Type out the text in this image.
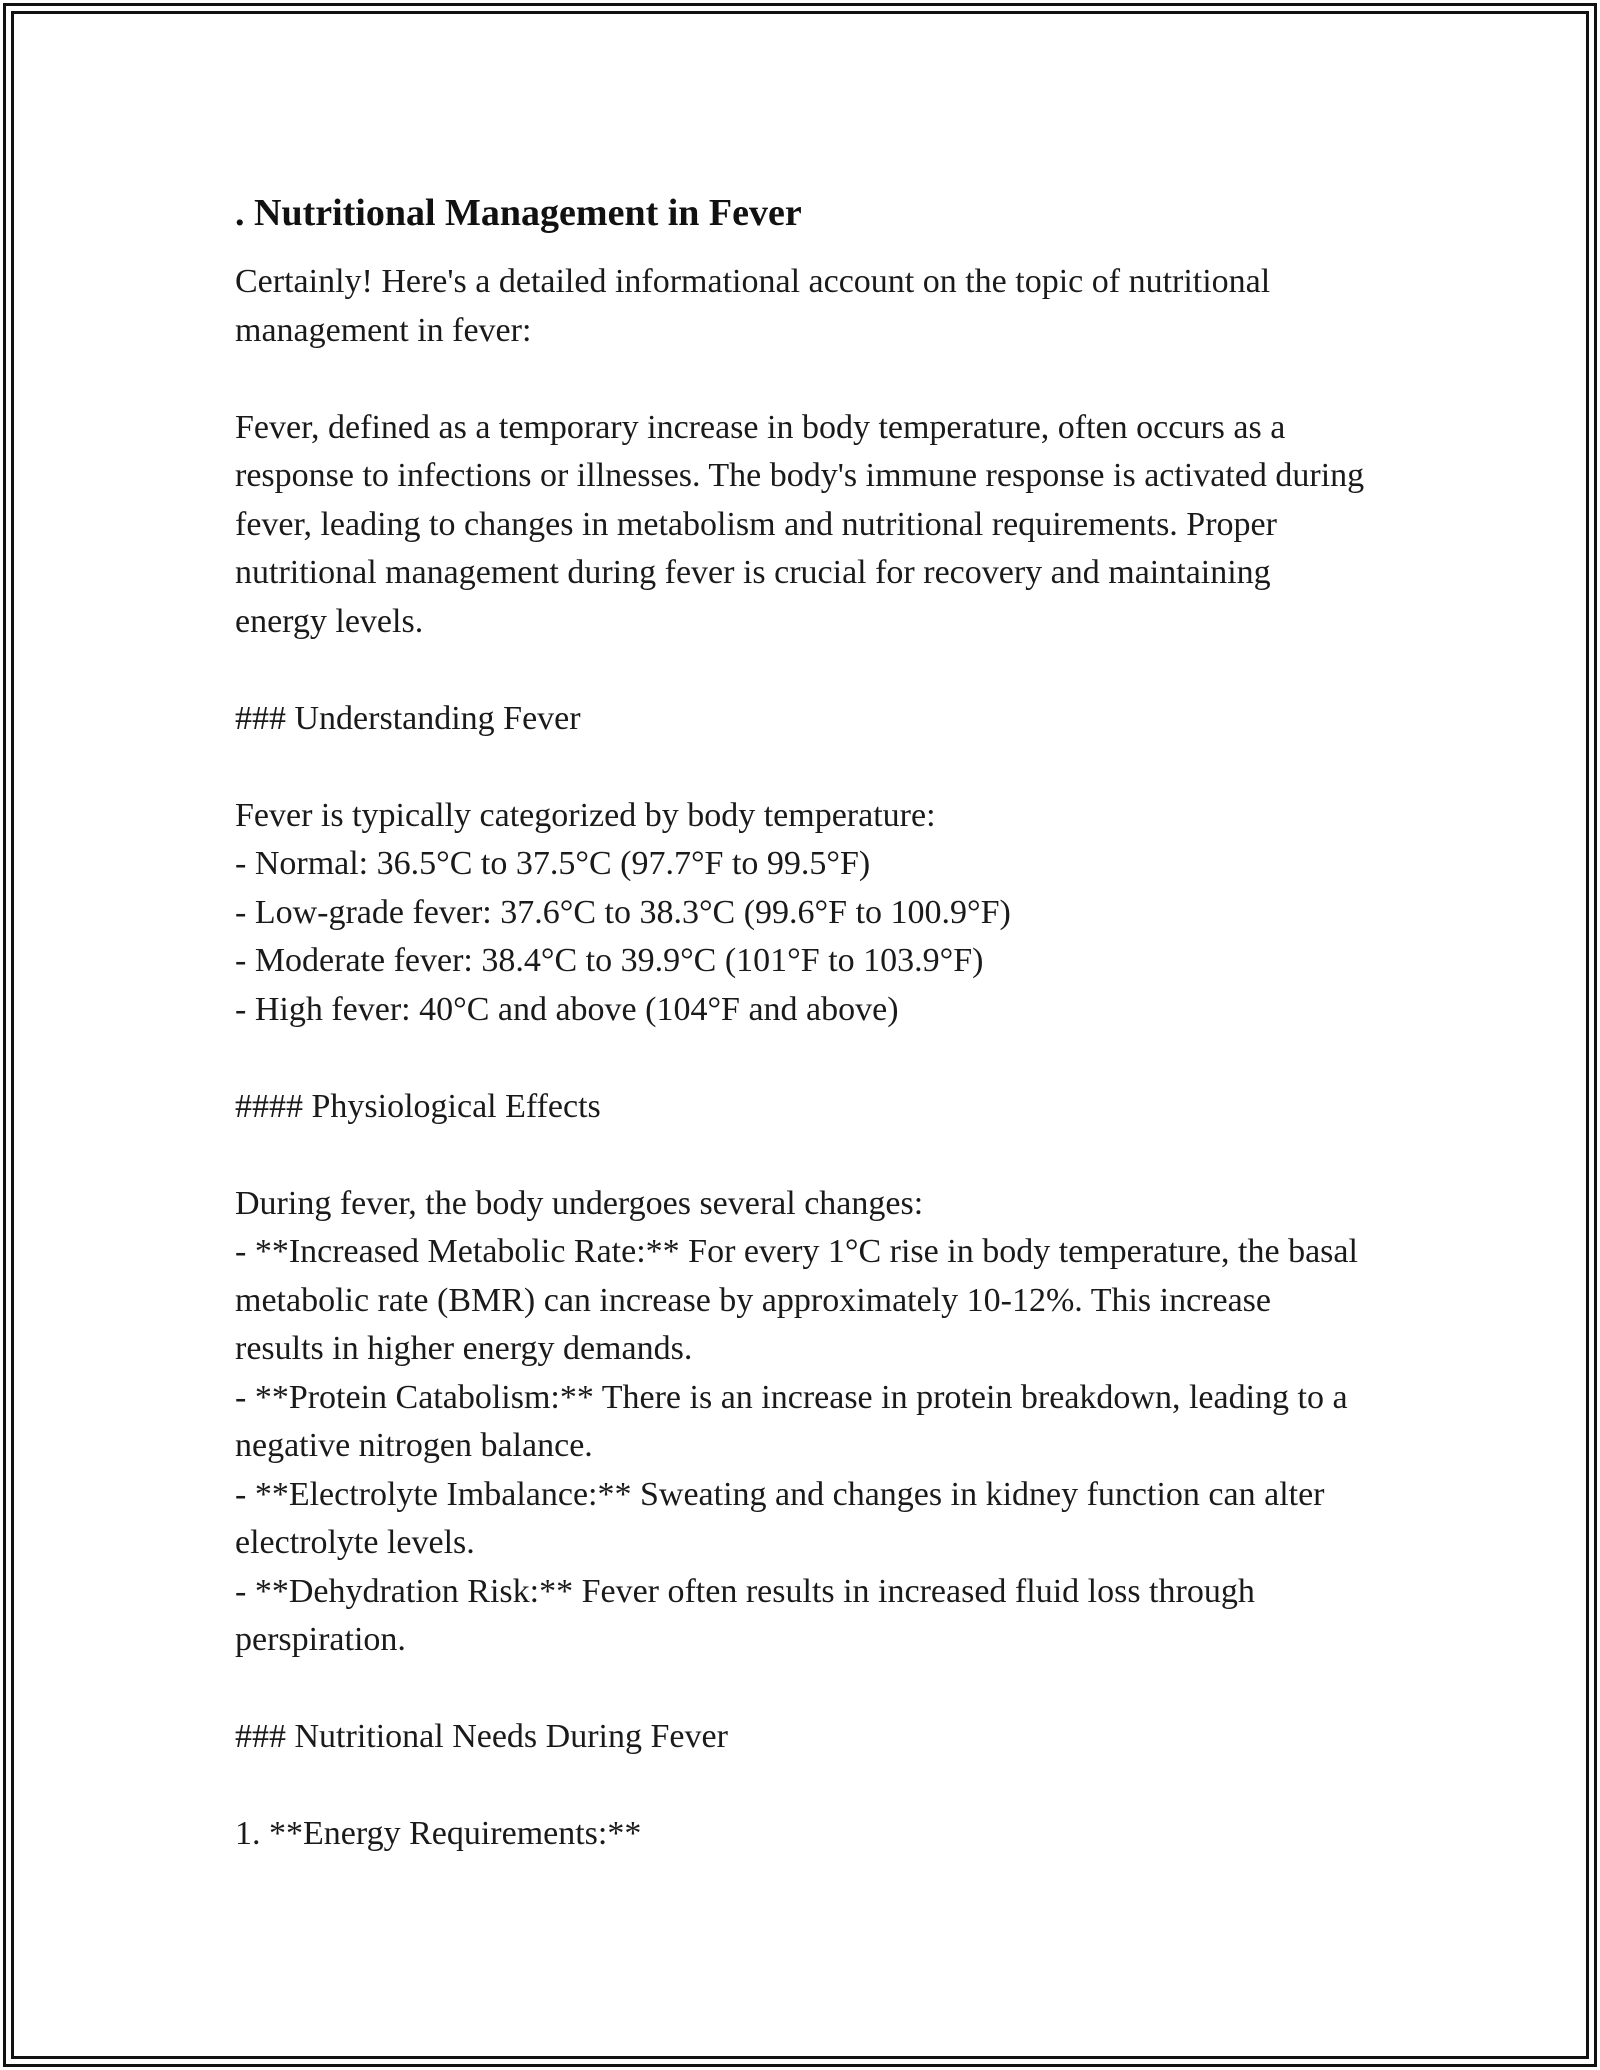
. Nutritional Management in Fever

Certainly! Here's a detailed informational account on the topic of nutritional management in fever:

Fever, defined as a temporary increase in body temperature, often occurs as a response to infections or illnesses. The body's immune response is activated during fever, leading to changes in metabolism and nutritional requirements. Proper nutritional management during fever is crucial for recovery and maintaining energy levels.

### Understanding Fever

Fever is typically categorized by body temperature:
- Normal: 36.5°C to 37.5°C (97.7°F to 99.5°F)
- Low-grade fever: 37.6°C to 38.3°C (99.6°F to 100.9°F)
- Moderate fever: 38.4°C to 39.9°C (101°F to 103.9°F)
- High fever: 40°C and above (104°F and above)

#### Physiological Effects

During fever, the body undergoes several changes:
- **Increased Metabolic Rate:** For every 1°C rise in body temperature, the basal metabolic rate (BMR) can increase by approximately 10-12%. This increase results in higher energy demands.
- **Protein Catabolism:** There is an increase in protein breakdown, leading to a negative nitrogen balance.
- **Electrolyte Imbalance:** Sweating and changes in kidney function can alter electrolyte levels.
- **Dehydration Risk:** Fever often results in increased fluid loss through perspiration.

### Nutritional Needs During Fever

1. **Energy Requirements:**
